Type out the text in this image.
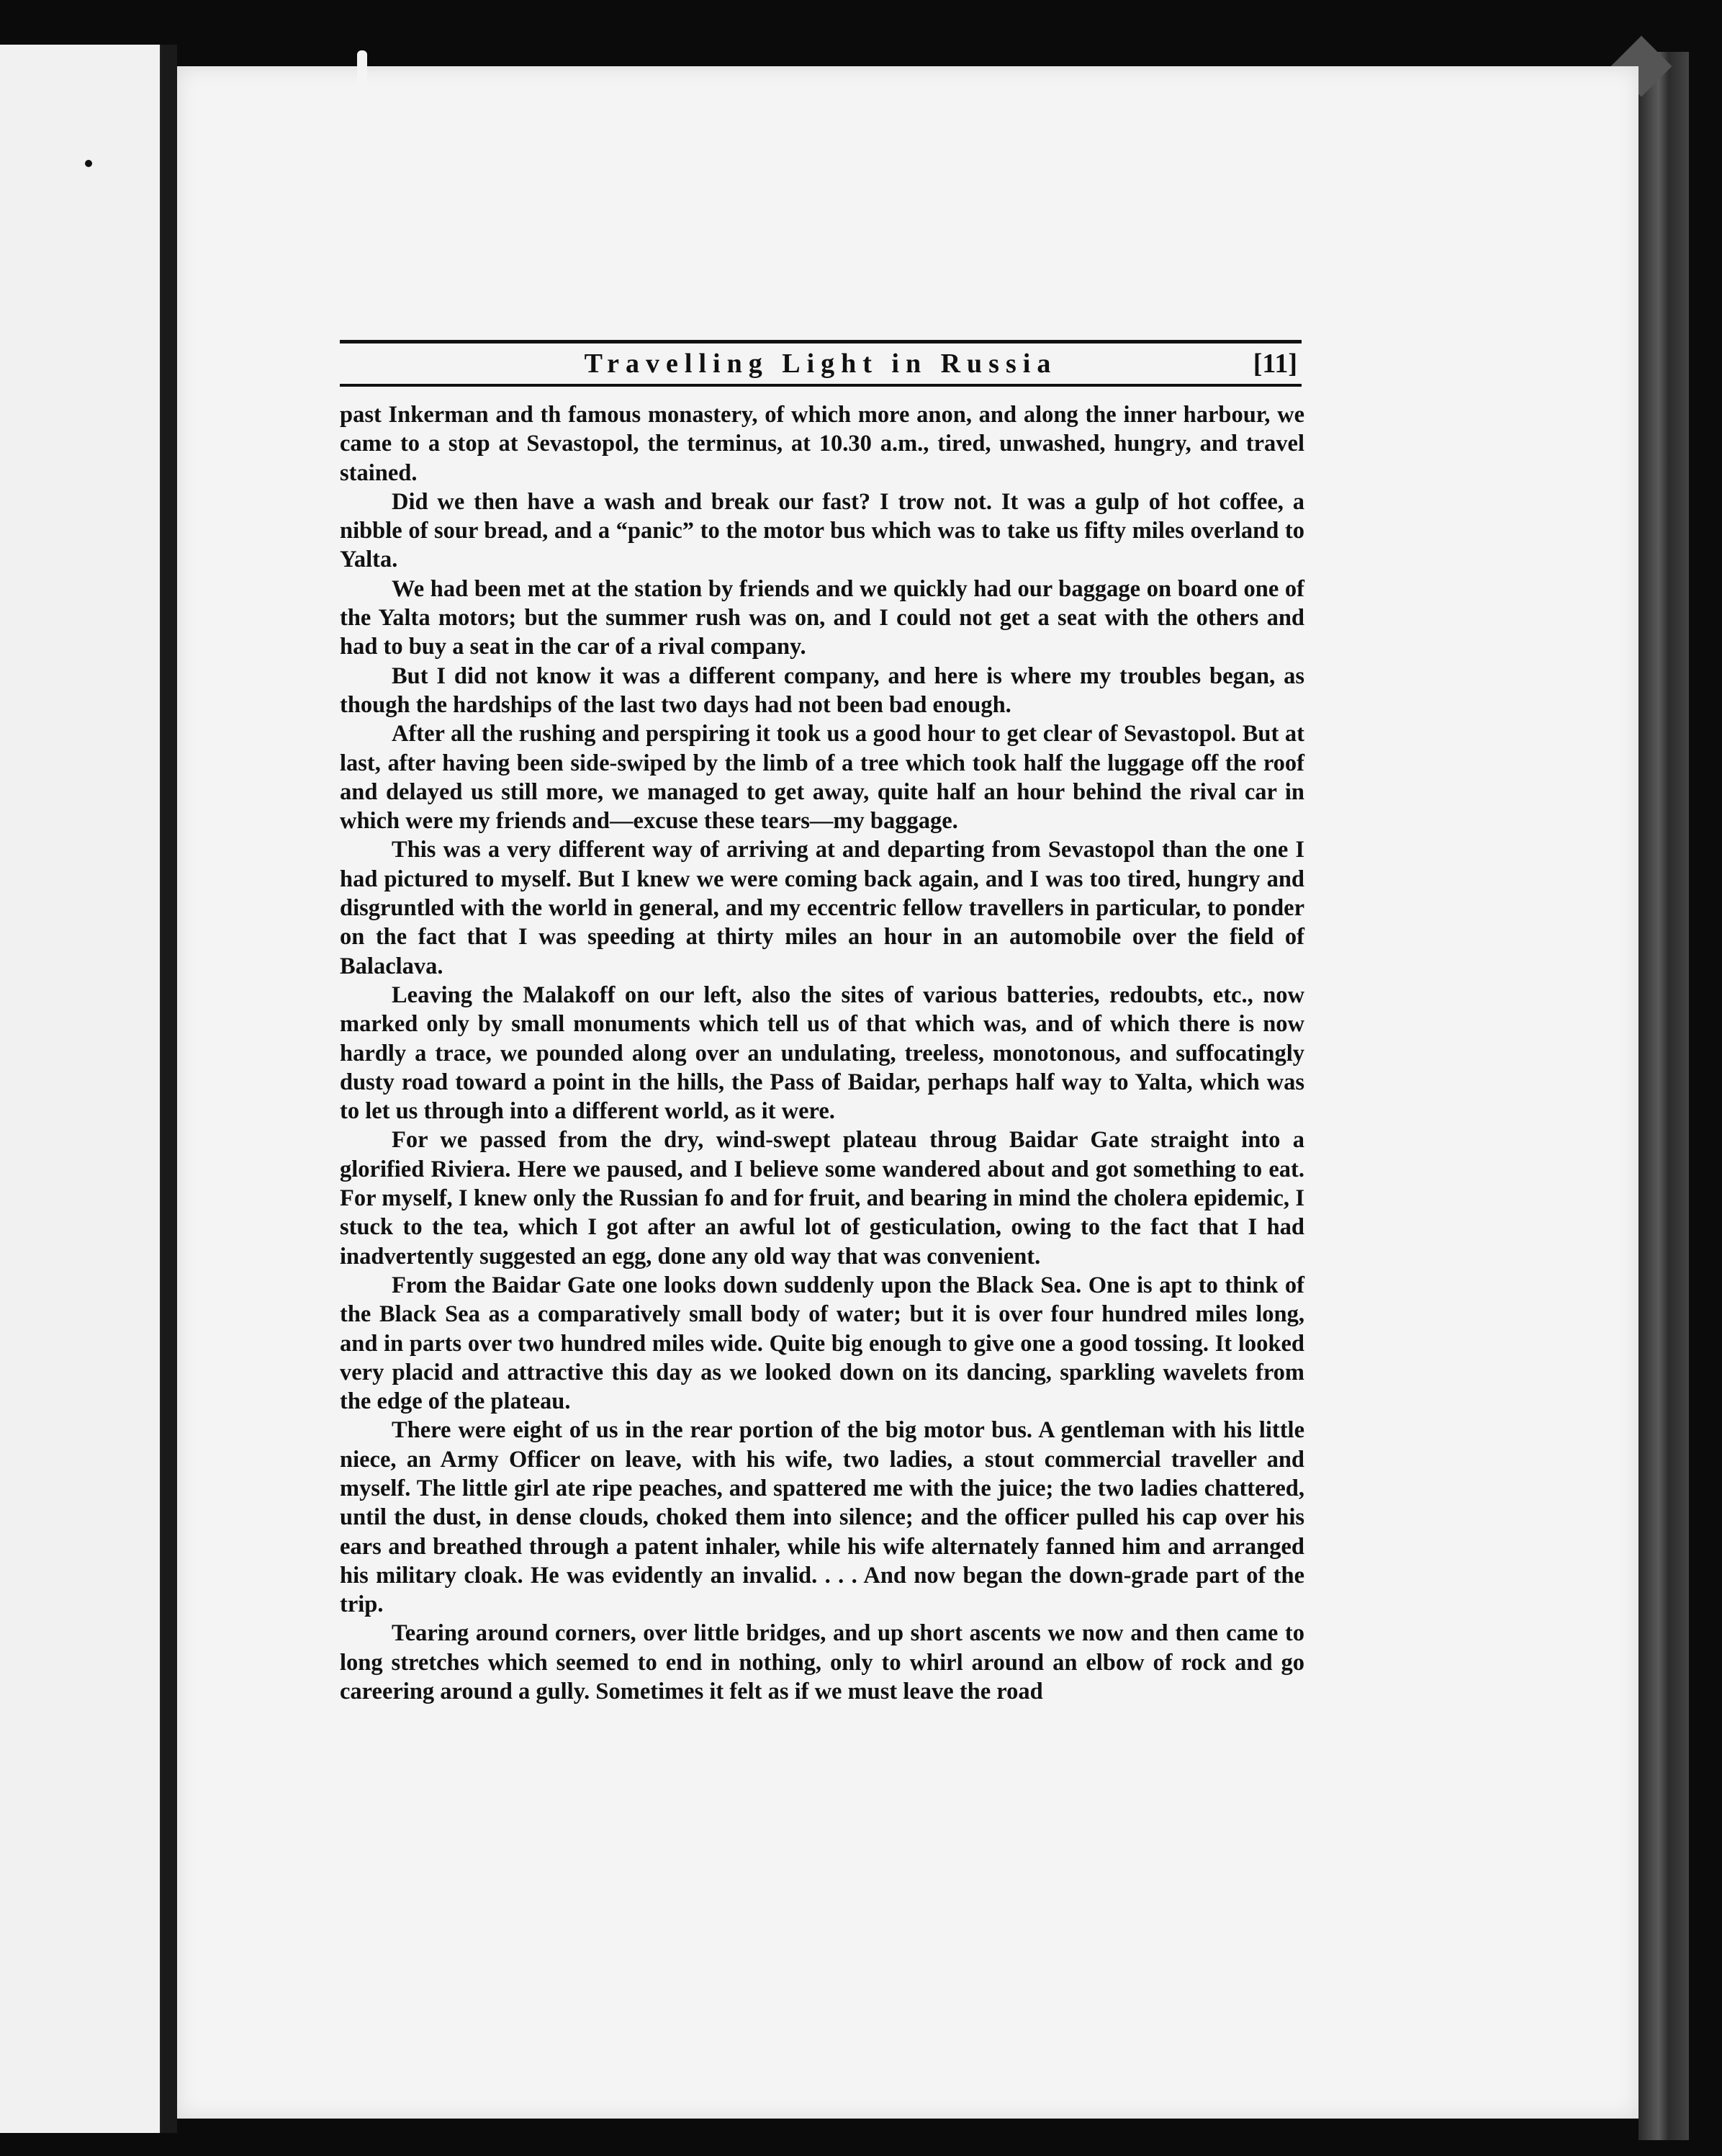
Travelling Light in Russia	[11]

past Inkerman and th famous monastery, of which more anon, and along the inner harbour, we came to a stop at Sevastopol, the terminus, at 10.30 a.m., tired, unwashed, hungry, and travel stained.

Did we then have a wash and break our fast? I trow not. It was a gulp of hot coffee, a nibble of sour bread, and a “panic” to the motor bus which was to take us fifty miles overland to Yalta.

We had been met at the station by friends and we quickly had our baggage on board one of the Yalta motors; but the summer rush was on, and I could not get a seat with the others and had to buy a seat in the car of a rival company.

But I did not know it was a different company, and here is where my troubles began, as though the hardships of the last two days had not been bad enough.

After all the rushing and perspiring it took us a good hour to get clear of Sevastopol. But at last, after having been side-swiped by the limb of a tree which took half the luggage off the roof and delayed us still more, we managed to get away, quite half an hour behind the rival car in which were my friends and—excuse these tears—my baggage.

This was a very different way of arriving at and departing from Sevastopol than the one I had pictured to myself. But I knew we were coming back again, and I was too tired, hungry and disgruntled with the world in general, and my eccentric fellow travellers in particular, to ponder on the fact that I was speeding at thirty miles an hour in an automobile over the field of Balaclava.

Leaving the Malakoff on our left, also the sites of various batteries, redoubts, etc., now marked only by small monuments which tell us of that which was, and of which there is now hardly a trace, we pounded along over an undulating, treeless, monotonous, and suffocatingly dusty road toward a point in the hills, the Pass of Baidar, perhaps half way to Yalta, which was to let us through into a different world, as it were.

For we passed from the dry, wind-swept plateau throug Baidar Gate straight into a glorified Riviera. Here we paused, and I believe some wandered about and got something to eat. For myself, I knew only the Russian fo and for fruit, and bearing in mind the cholera epidemic, I stuck to the tea, which I got after an awful lot of gesticulation, owing to the fact that I had inadvertently suggested an egg, done any old way that was convenient.

From the Baidar Gate one looks down suddenly upon the Black Sea. One is apt to think of the Black Sea as a comparatively small body of water; but it is over four hundred miles long, and in parts over two hundred miles wide. Quite big enough to give one a good tossing. It looked very placid and attractive this day as we looked down on its dancing, sparkling wavelets from the edge of the plateau.

There were eight of us in the rear portion of the big motor bus. A gentleman with his little niece, an Army Officer on leave, with his wife, two ladies, a stout commercial traveller and myself. The little girl ate ripe peaches, and spattered me with the juice; the two ladies chattered, until the dust, in dense clouds, choked them into silence; and the officer pulled his cap over his ears and breathed through a patent inhaler, while his wife alternately fanned him and arranged his military cloak. He was evidently an invalid. . . . And now began the down-grade part of the trip.

Tearing around corners, over little bridges, and up short ascents we now and then came to long stretches which seemed to end in nothing, only to whirl around an elbow of rock and go careering around a gully. Sometimes it felt as if we must leave the road
